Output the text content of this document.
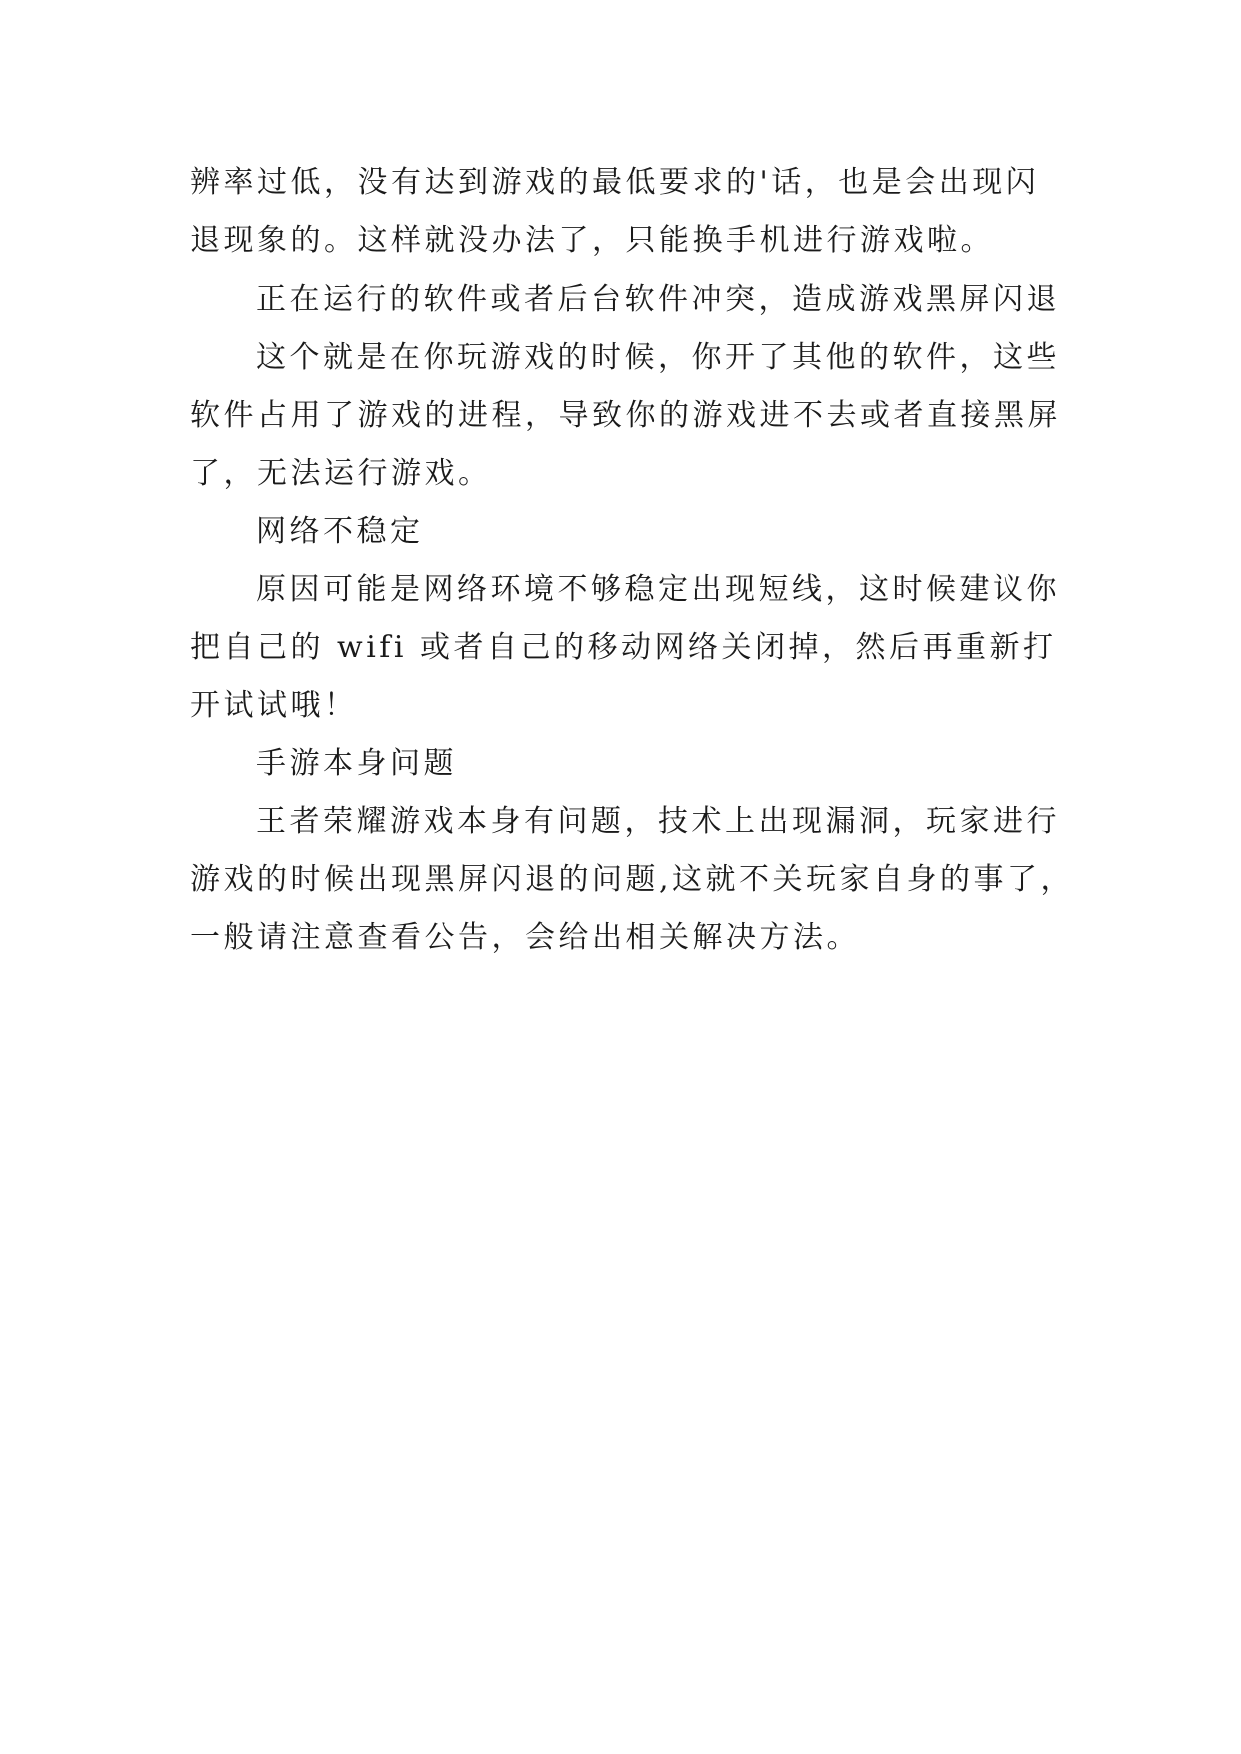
辨率过低，没有达到游戏的最低要求的'话，也是会出现闪
退现象的。这样就没办法了，只能换手机进行游戏啦。
正在运行的软件或者后台软件冲突，造成游戏黑屏闪退
这个就是在你玩游戏的时候，你开了其他的软件，这些
软件占用了游戏的进程，导致你的游戏进不去或者直接黑屏
了，无法运行游戏。
网络不稳定
原因可能是网络环境不够稳定出现短线，这时候建议你
把自己的 wifi 或者自己的移动网络关闭掉，然后再重新打
开试试哦！
手游本身问题
王者荣耀游戏本身有问题，技术上出现漏洞，玩家进行
游戏的时候出现黑屏闪退的问题,这就不关玩家自身的事了，
一般请注意查看公告，会给出相关解决方法。
